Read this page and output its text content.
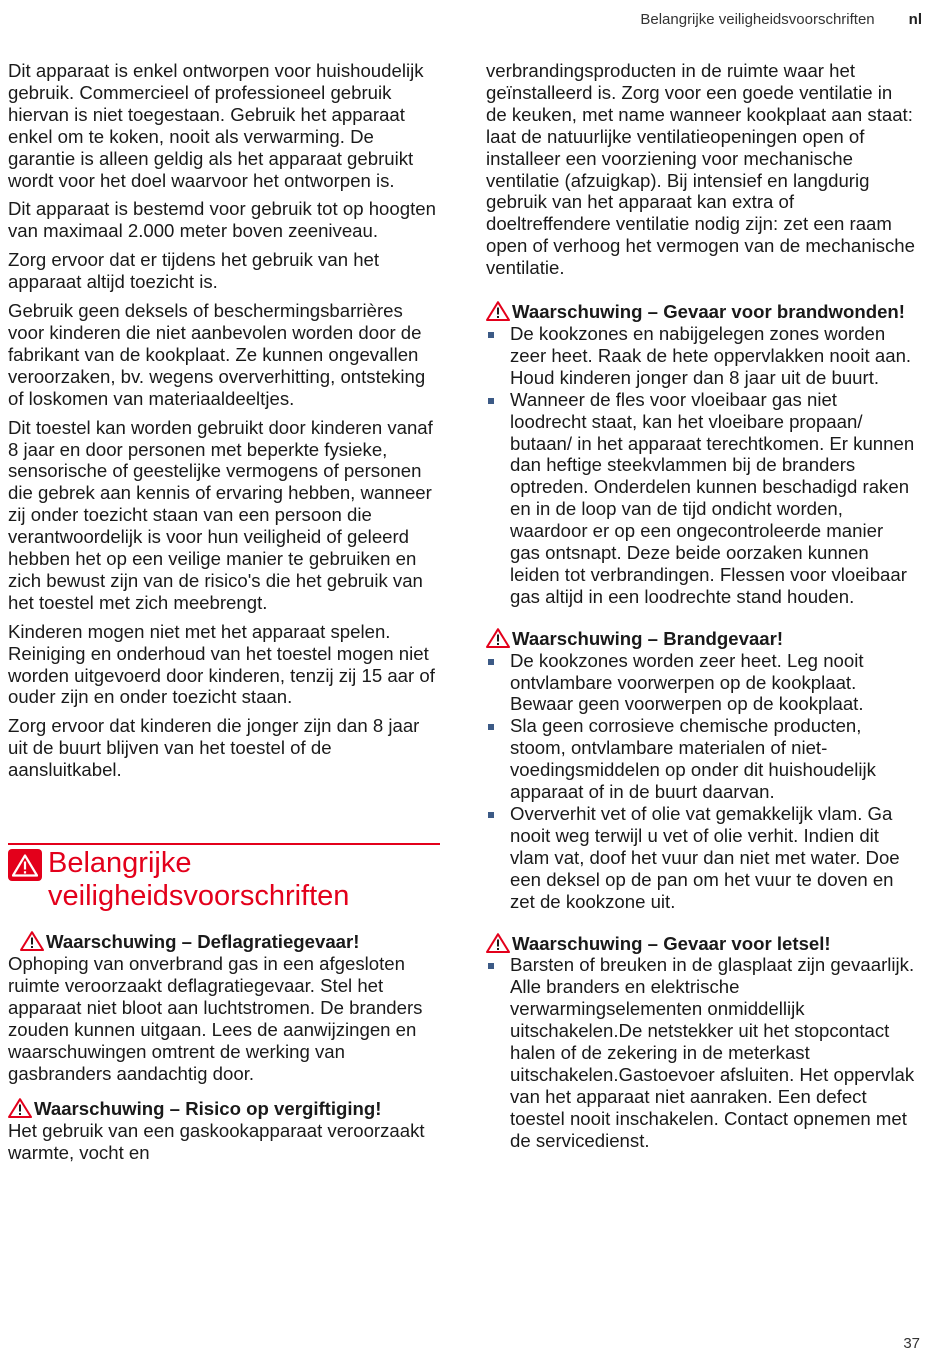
Belangrijke veiligheidsvoorschriften nl

Dit apparaat is enkel ontworpen voor huishoudelijk gebruik. Commercieel of professioneel gebruik hiervan is niet toegestaan. Gebruik het apparaat enkel om te koken, nooit als verwarming. De garantie is alleen geldig als het apparaat gebruikt wordt voor het doel waarvoor het ontworpen is.

Dit apparaat is bestemd voor gebruik tot op hoogten van maximaal 2.000 meter boven zeeniveau.

Zorg ervoor dat er tijdens het gebruik van het apparaat altijd toezicht is.

Gebruik geen deksels of beschermingsbarrières voor kinderen die niet aanbevolen worden door de fabrikant van de kookplaat. Ze kunnen ongevallen veroorzaken, bv. wegens oververhitting, ontsteking of loskomen van materiaaldeeltjes.

Dit toestel kan worden gebruikt door kinderen vanaf 8 jaar en door personen met beperkte fysieke, sensorische of geestelijke vermogens of personen die gebrek aan kennis of ervaring hebben, wanneer zij onder toezicht staan van een persoon die verantwoordelijk is voor hun veiligheid of geleerd hebben het op een veilige manier te gebruiken en zich bewust zijn van de risico's die het gebruik van het toestel met zich meebrengt.

Kinderen mogen niet met het apparaat spelen. Reiniging en onderhoud van het toestel mogen niet worden uitgevoerd door kinderen, tenzij zij 15 aar of ouder zijn en onder toezicht staan.

Zorg ervoor dat kinderen die jonger zijn dan 8 jaar uit de buurt blijven van het toestel of de aansluitkabel.

Belangrijke veiligheidsvoorschriften
Waarschuwing – Deflagratiegevaar!

Ophoping van onverbrand gas in een afgesloten ruimte veroorzaakt deflagratiegevaar. Stel het apparaat niet bloot aan luchtstromen. De branders zouden kunnen uitgaan. Lees de aanwijzingen en waarschuwingen omtrent de werking van gasbranders aandachtig door.

Waarschuwing – Risico op vergiftiging!

Het gebruik van een gaskookapparaat veroorzaakt warmte, vocht en

verbrandingsproducten in de ruimte waar het geïnstalleerd is. Zorg voor een goede ventilatie in de keuken, met name wanneer kookplaat aan staat: laat de natuurlijke ventilatieopeningen open of installeer een voorziening voor mechanische ventilatie (afzuigkap). Bij intensief en langdurig gebruik van het apparaat kan extra of doeltreffendere ventilatie nodig zijn: zet een raam open of verhoog het vermogen van de mechanische ventilatie.

Waarschuwing – Gevaar voor brandwonden!
De kookzones en nabijgelegen zones worden zeer heet. Raak de hete oppervlakken nooit aan. Houd kinderen jonger dan 8 jaar uit de buurt.
Wanneer de fles voor vloeibaar gas niet loodrecht staat, kan het vloeibare propaan/ butaan/ in het apparaat terechtkomen. Er kunnen dan heftige steekvlammen bij de branders optreden. Onderdelen kunnen beschadigd raken en in de loop van de tijd ondicht worden, waardoor er op een ongecontroleerde manier gas ontsnapt. Deze beide oorzaken kunnen leiden tot verbrandingen. Flessen voor vloeibaar gas altijd in een loodrechte stand houden.
Waarschuwing – Brandgevaar!
De kookzones worden zeer heet. Leg nooit ontvlambare voorwerpen op de kookplaat. Bewaar geen voorwerpen op de kookplaat.
Sla geen corrosieve chemische producten, stoom, ontvlambare materialen of niet-voedingsmiddelen op onder dit huishoudelijk apparaat of in de buurt daarvan.
Oververhit vet of olie vat gemakkelijk vlam. Ga nooit weg terwijl u vet of olie verhit. Indien dit vlam vat, doof het vuur dan niet met water. Doe een deksel op de pan om het vuur te doven en zet de kookzone uit.
Waarschuwing – Gevaar voor letsel!
Barsten of breuken in de glasplaat zijn gevaarlijk. Alle branders en elektrische verwarmingselementen onmiddellijk uitschakelen.De netstekker uit het stopcontact halen of de zekering in de meterkast uitschakelen.Gastoevoer afsluiten. Het oppervlak van het apparaat niet aanraken. Een defect toestel nooit inschakelen. Contact opnemen met de servicedienst.
37
